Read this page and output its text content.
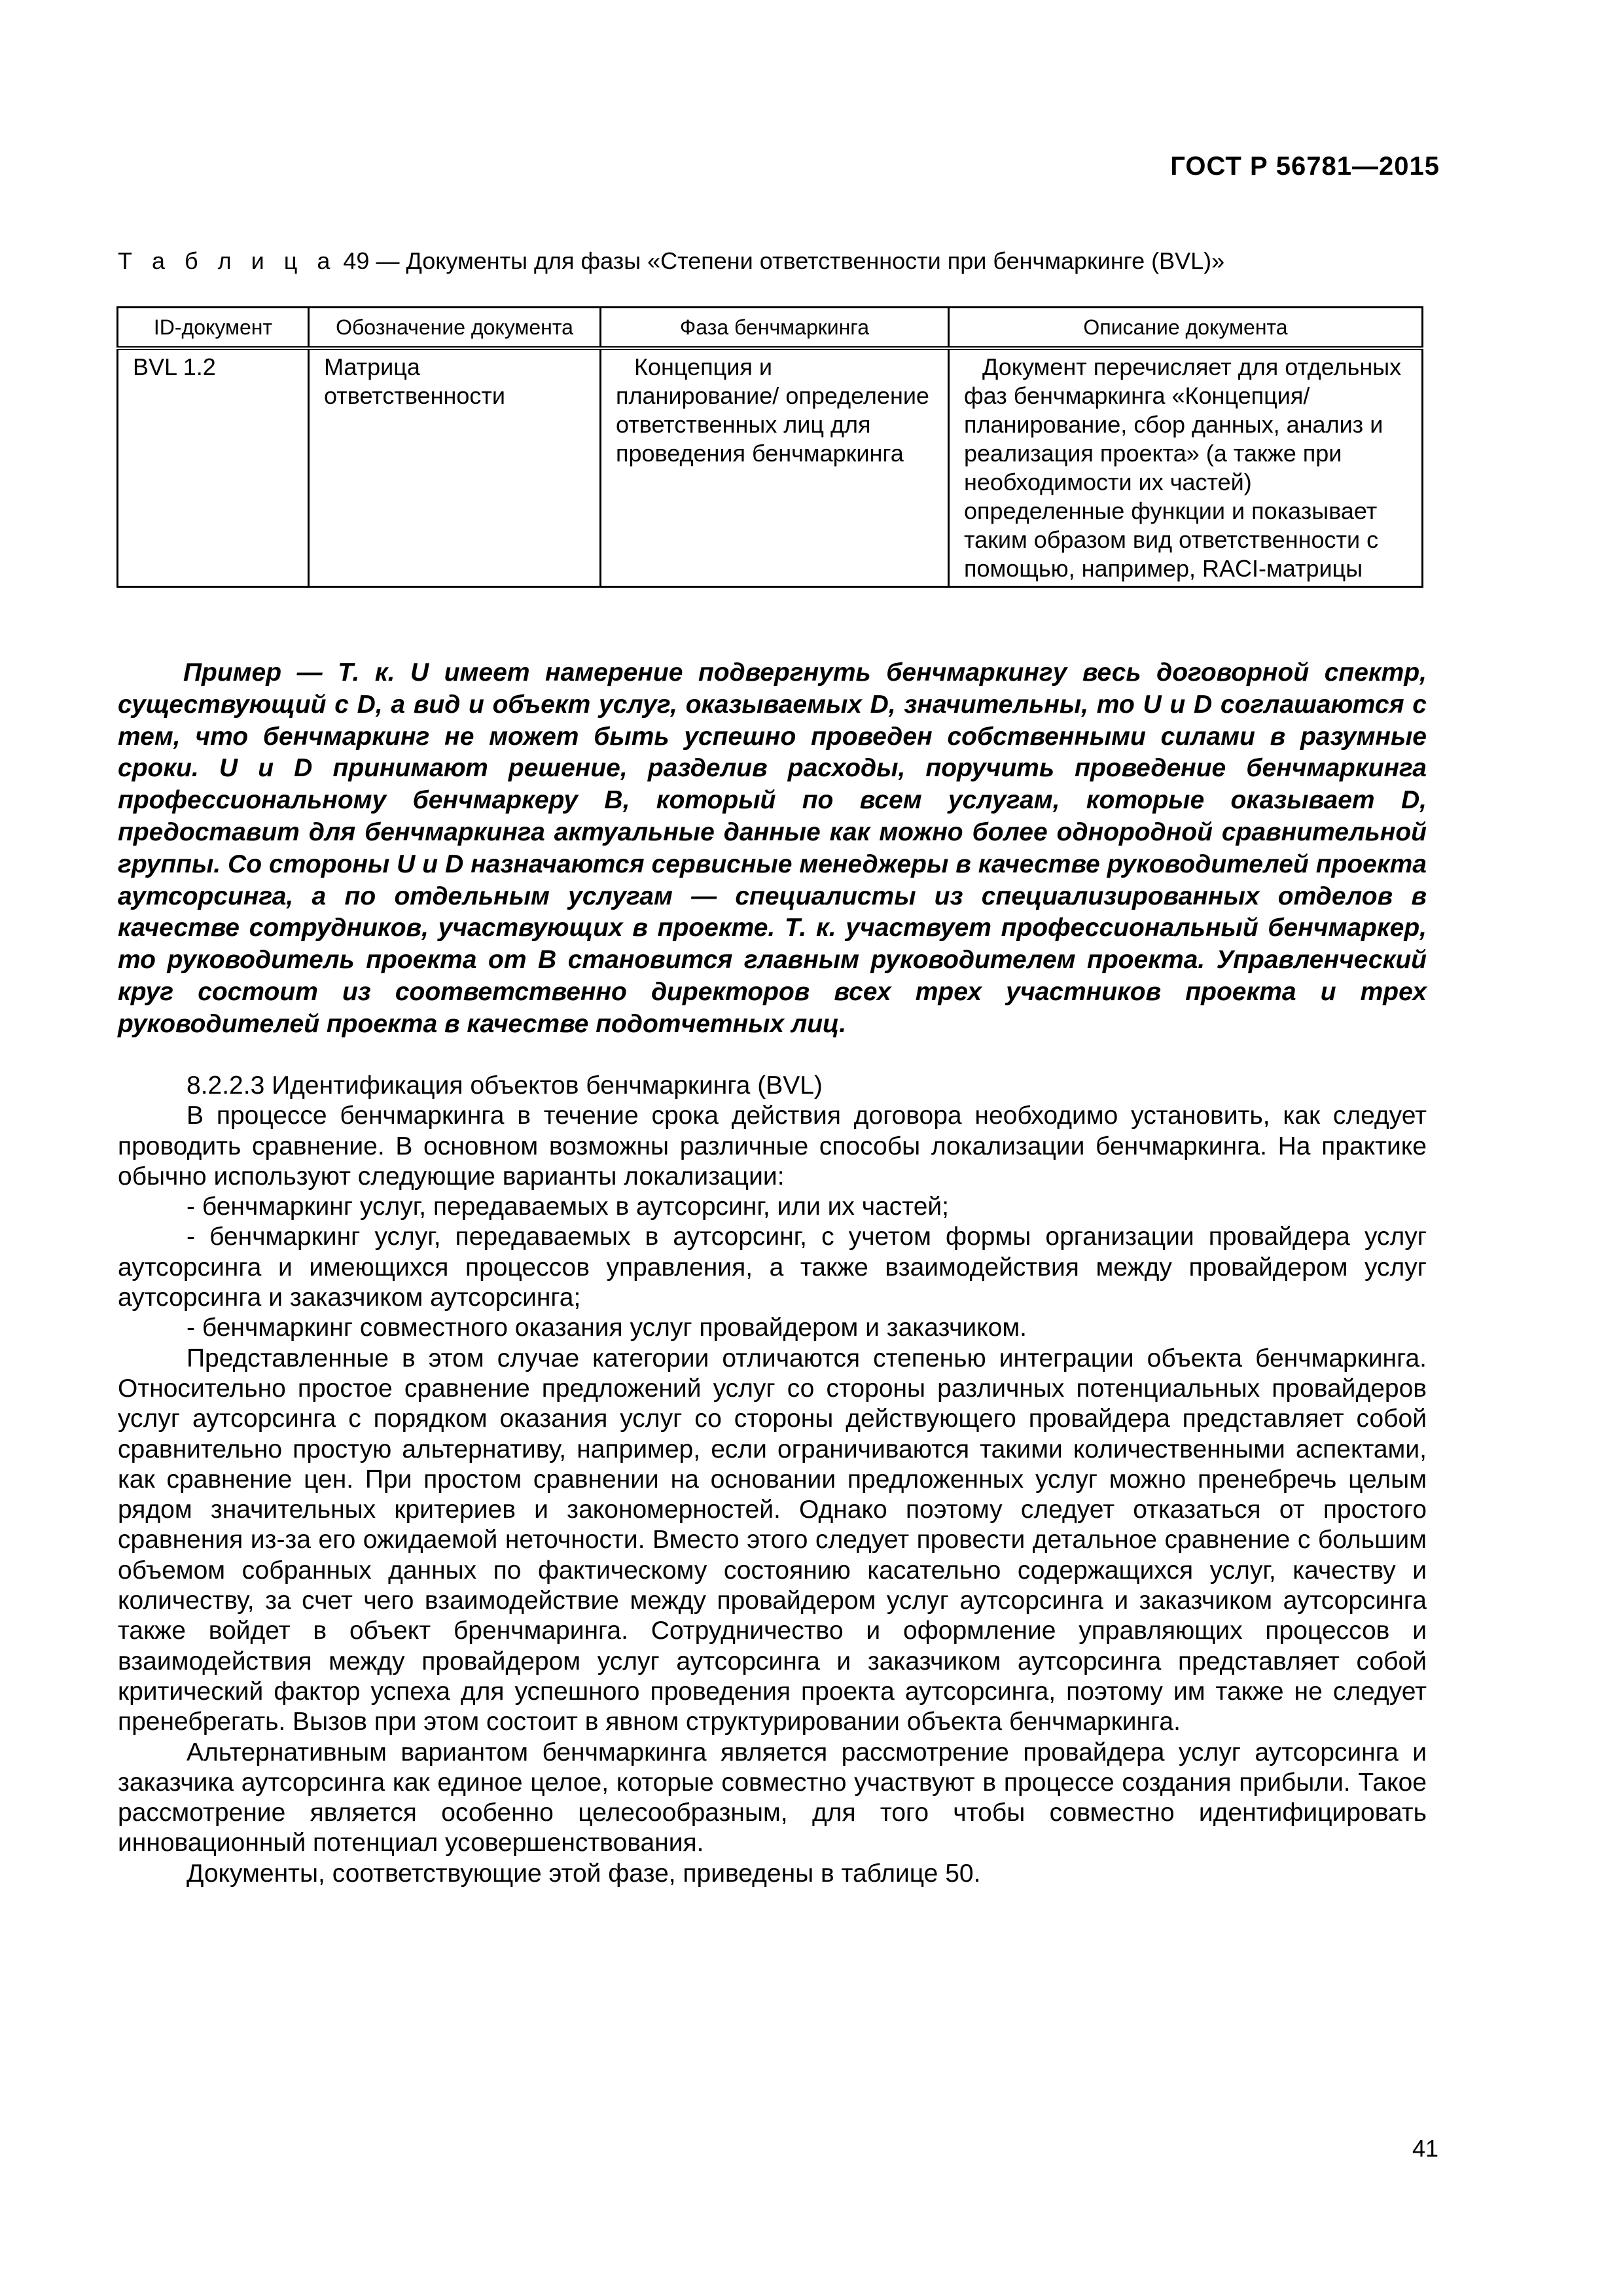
ГОСТ Р 56781—2015
Т а б л и ц а 49 — Документы для фазы «Степени ответственности при бенчмаркинге (BVL)»
ID-документ	Обозначение документа	Фаза бенчмаркинга	Описание документа
BVL 1.2	Матрица ответственности	Концепция и планирование/ определение ответственных лиц для проведения бенчмаркинга	Документ перечисляет для отдельных фаз бенчмаркинга «Концепция/ планирование, сбор данных, анализ и реализация проекта» (а также при необходимости их частей) определенные функции и показывает таким образом вид ответственности с помощью, например, RACI-матрицы

Пример — Т. к. U имеет намерение подвергнуть бенчмаркингу весь договорной спектр, существующий с D, а вид и объект услуг, оказываемых D, значительны, то U и D соглашаются с тем, что бенчмаркинг не может быть успешно проведен собственными силами в разумные сроки. U и D принимают решение, разделив расходы, поручить проведение бенчмаркинга профессиональному бенчмаркеру B, который по всем услугам, которые оказывает D, предоставит для бенчмаркинга актуальные данные как можно более однородной сравнительной группы. Со стороны U и D назначаются сервисные менеджеры в качестве руководителей проекта аутсорсинга, а по отдельным услугам — специалисты из специализированных отделов в качестве сотрудников, участвующих в проекте. Т. к. участвует профессиональный бенчмаркер, то руководитель проекта от B становится главным руководителем проекта. Управленческий круг состоит из соответственно директоров всех трех участников проекта и трех руководителей проекта в качестве подотчетных лиц.

8.2.2.3 Идентификация объектов бенчмаркинга (BVL)

В процессе бенчмаркинга в течение срока действия договора необходимо установить, как следует проводить сравнение. В основном возможны различные способы локализации бенчмаркинга. На практике обычно используют следующие варианты локализации:

- бенчмаркинг услуг, передаваемых в аутсорсинг, или их частей;

- бенчмаркинг услуг, передаваемых в аутсорсинг, с учетом формы организации провайдера услуг аутсорсинга и имеющихся процессов управления, а также взаимодействия между провайдером услуг аутсорсинга и заказчиком аутсорсинга;

- бенчмаркинг совместного оказания услуг провайдером и заказчиком.

Представленные в этом случае категории отличаются степенью интеграции объекта бенчмаркинга. Относительно простое сравнение предложений услуг со стороны различных потенциальных провайдеров услуг аутсорсинга с порядком оказания услуг со стороны действующего провайдера представляет собой сравнительно простую альтернативу, например, если ограничиваются такими количественными аспектами, как сравнение цен. При простом сравнении на основании предложенных услуг можно пренебречь целым рядом значительных критериев и закономерностей. Однако поэтому следует отказаться от простого сравнения из-за его ожидаемой неточности. Вместо этого следует провести детальное сравнение с большим объемом собранных данных по фактическому состоянию касательно содержащихся услуг, качеству и количеству, за счет чего взаимодействие между провайдером услуг аутсорсинга и заказчиком аутсорсинга также войдет в объект бренчмаринга. Сотрудничество и оформление управляющих процессов и взаимодействия между провайдером услуг аутсорсинга и заказчиком аутсорсинга представляет собой критический фактор успеха для успешного проведения проекта аутсорсинга, поэтому им также не следует пренебрегать. Вызов при этом состоит в явном структурировании объекта бенчмаркинга.

Альтернативным вариантом бенчмаркинга является рассмотрение провайдера услуг аутсорсинга и заказчика аутсорсинга как единое целое, которые совместно участвуют в процессе создания прибыли. Такое рассмотрение является особенно целесообразным, для того чтобы совместно идентифицировать инновационный потенциал усовершенствования.

Документы, соответствующие этой фазе, приведены в таблице 50.

41
